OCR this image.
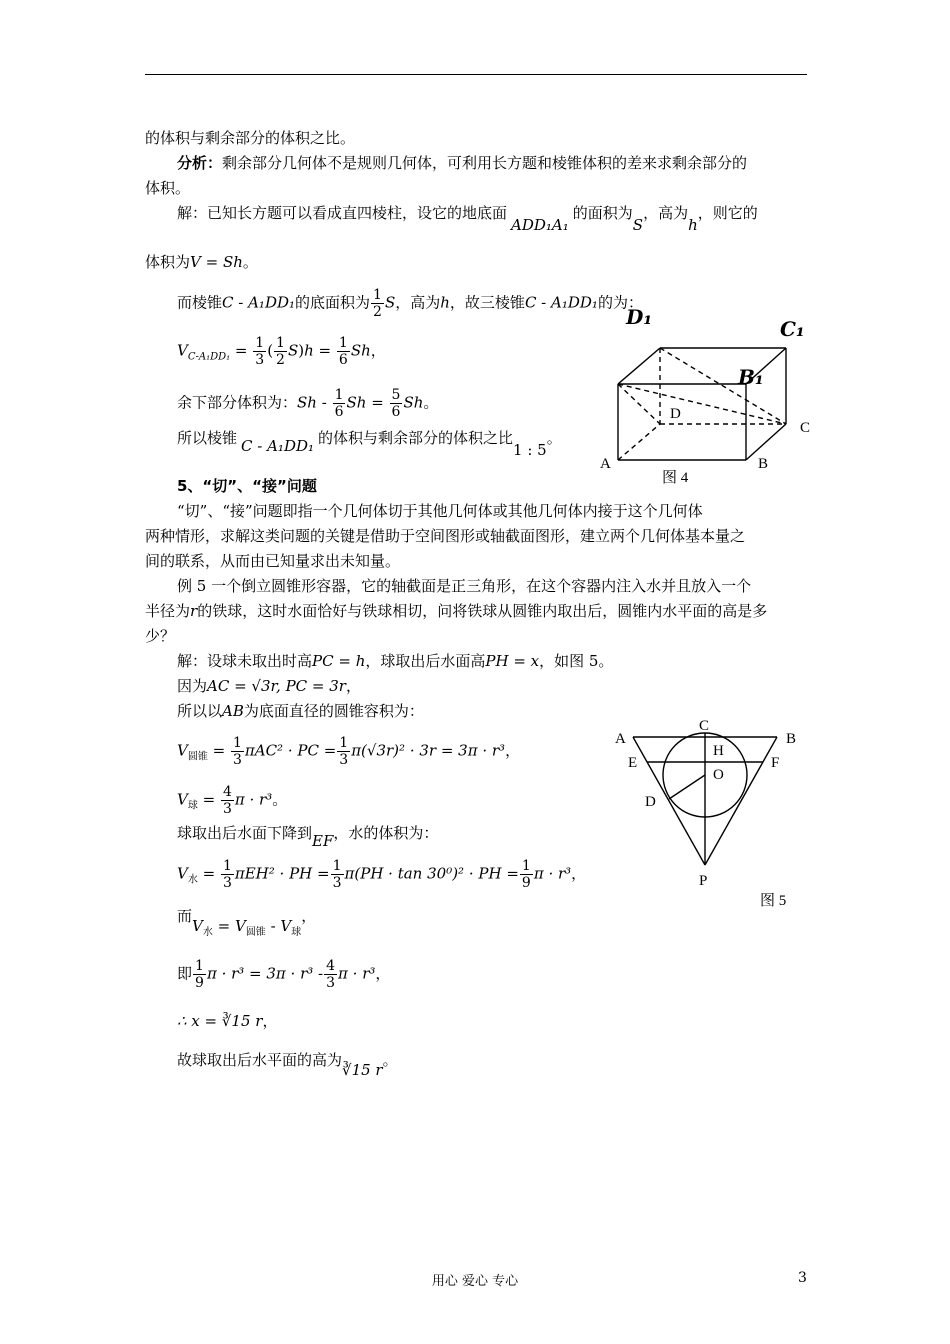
的体积与剩余部分的体积之比。
分析：剩余部分几何体不是规则几何体，可利用长方题和棱锥体积的差来求剩余部分的
体积。
解：已知长方题可以看成直四棱柱，设它的地底面ADD₁A₁的面积为S，高为h，则它的
体积为V = Sh。
而棱锥C - A₁DD₁的底面积为 $\frac{1}{2}$ S，高为h，故三棱锥C - A₁DD₁的为：
$V_{C-A_1DD_1} = \frac{1}{3}$ ( $\frac{1}{2} S)h = \frac{1}{6}$ Sh，
余下部分体积为：Sh - $\frac{1}{6}$ $Sh = \frac{5}{6}$ Sh。
所以棱锥 C - A₁DD₁ 的体积与剩余部分的体积之比1 : 5。
D₁	C₁
B₁
D
C
A	B
图 4
5、“切”、“接”问题
“切”、“接”问题即指一个几何体切于其他几何体或其他几何体内接于这个几何体
两种情形，求解这类问题的关键是借助于空间图形或轴截面图形，建立两个几何体基本量之
间的联系，从而由已知量求出未知量。
例 5 一个倒立圆锥形容器，它的轴截面是正三角形，在这个容器内注入水并且放入一个
半径为r的铁球，这时水面恰好与铁球相切，问将铁球从圆锥内取出后，圆锥内水平面的高是多
少？
解：设球未取出时高PC = h，球取出后水面高PH = x，如图 5。
因为AC = √3r, PC = 3r，
所以以AB为底面直径的圆锥容积为：
$V_{圆锥} = \frac{1}{3} \pi AC^2$ · PC = $\frac{1}{3} \pi(√3r)^2 \cdot 3r = 3\pi \cdot r^3$，
$V_球 = \frac{4}{3}$ π · r³。
球取出后水面下降到EF，水的体积为：
$V_水 = \frac{1}{3} \pi EH^2$ · PH = $\frac{1}{3} \pi(PH \cdot \tan 30^0)^2$ · PH = $\frac{1}{9}$ π · r³，
而$V_水 = V_{圆锥} - V_球$，
即 $\frac{1}{9}$ $\pi \cdot r^3 = 3\pi \cdot r^3 - \frac{4}{3}$ π · r³，
∴ x = ∛15 r，
故球取出后水平面的高为∛15 r。
A
C
B
H
E	F
O
D
P
图 5
用心 爱心 专心	3
